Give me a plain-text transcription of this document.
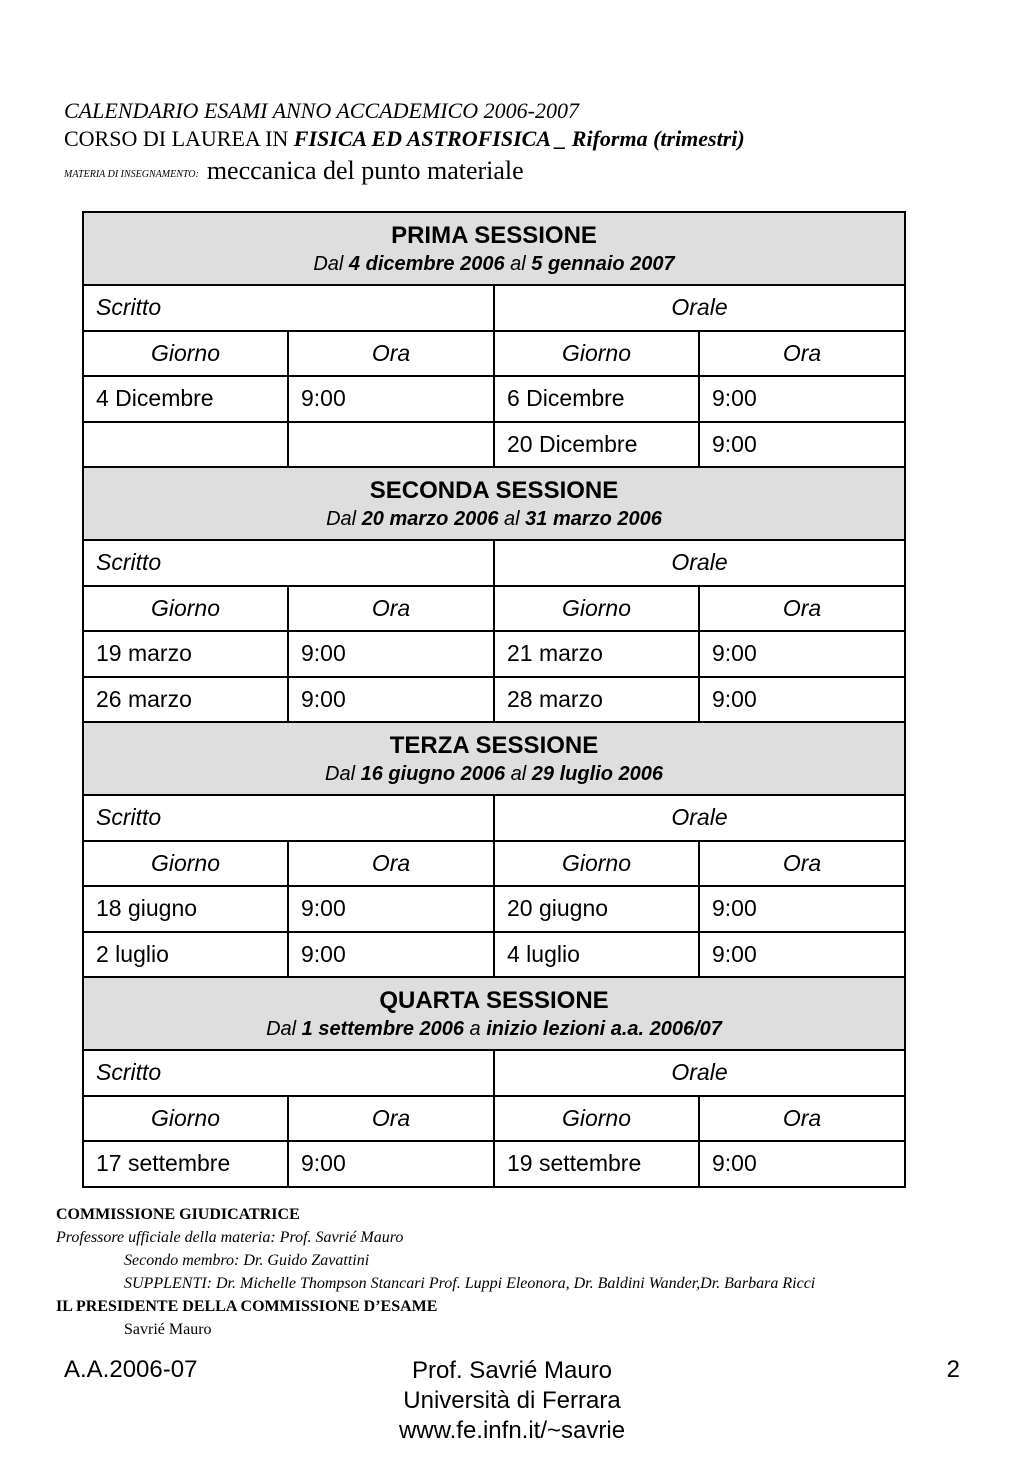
CALENDARIO ESAMI ANNO ACCADEMICO 2006-2007
CORSO DI LAUREA IN FISICA ED ASTROFISICA _ Riforma (trimestri)
MATERIA DI INSEGNAMENTO: meccanica del punto materiale
PRIMA SESSIONE
Dal 4 dicembre 2006 al 5 gennaio 2007			

Scritto		Orale	
Giorno	Ora	Giorno	Ora
4 Dicembre	9:00	6 Dicembre	9:00
		20 Dicembre	9:00

SECONDA SESSIONE
Dal 20 marzo 2006 al 31 marzo 2006			

Scritto		Orale	
Giorno	Ora	Giorno	Ora
19 marzo	9:00	21 marzo	9:00
26 marzo	9:00	28 marzo	9:00

TERZA SESSIONE
Dal 16 giugno 2006 al 29 luglio 2006			

Scritto		Orale	
Giorno	Ora	Giorno	Ora
18 giugno	9:00	20 giugno	9:00
2 luglio	9:00	4 luglio	9:00

QUARTA SESSIONE
Dal 1 settembre 2006 a inizio lezioni a.a. 2006/07			

Scritto		Orale	
Giorno	Ora	Giorno	Ora
17 settembre	9:00	19 settembre	9:00
COMMISSIONE GIUDICATRICE
Professore ufficiale della materia: Prof. Savrié Mauro
Secondo membro: Dr. Guido Zavattini
SUPPLENTI: Dr. Michelle Thompson Stancari Prof. Luppi Eleonora, Dr. Baldini Wander,Dr. Barbara Ricci
IL PRESIDENTE DELLA COMMISSIONE D’ESAME
Savrié Mauro
A.A.2006-07	Prof. Savrié Mauro
Università di Ferrara
www.fe.infn.it/~savrie
2
